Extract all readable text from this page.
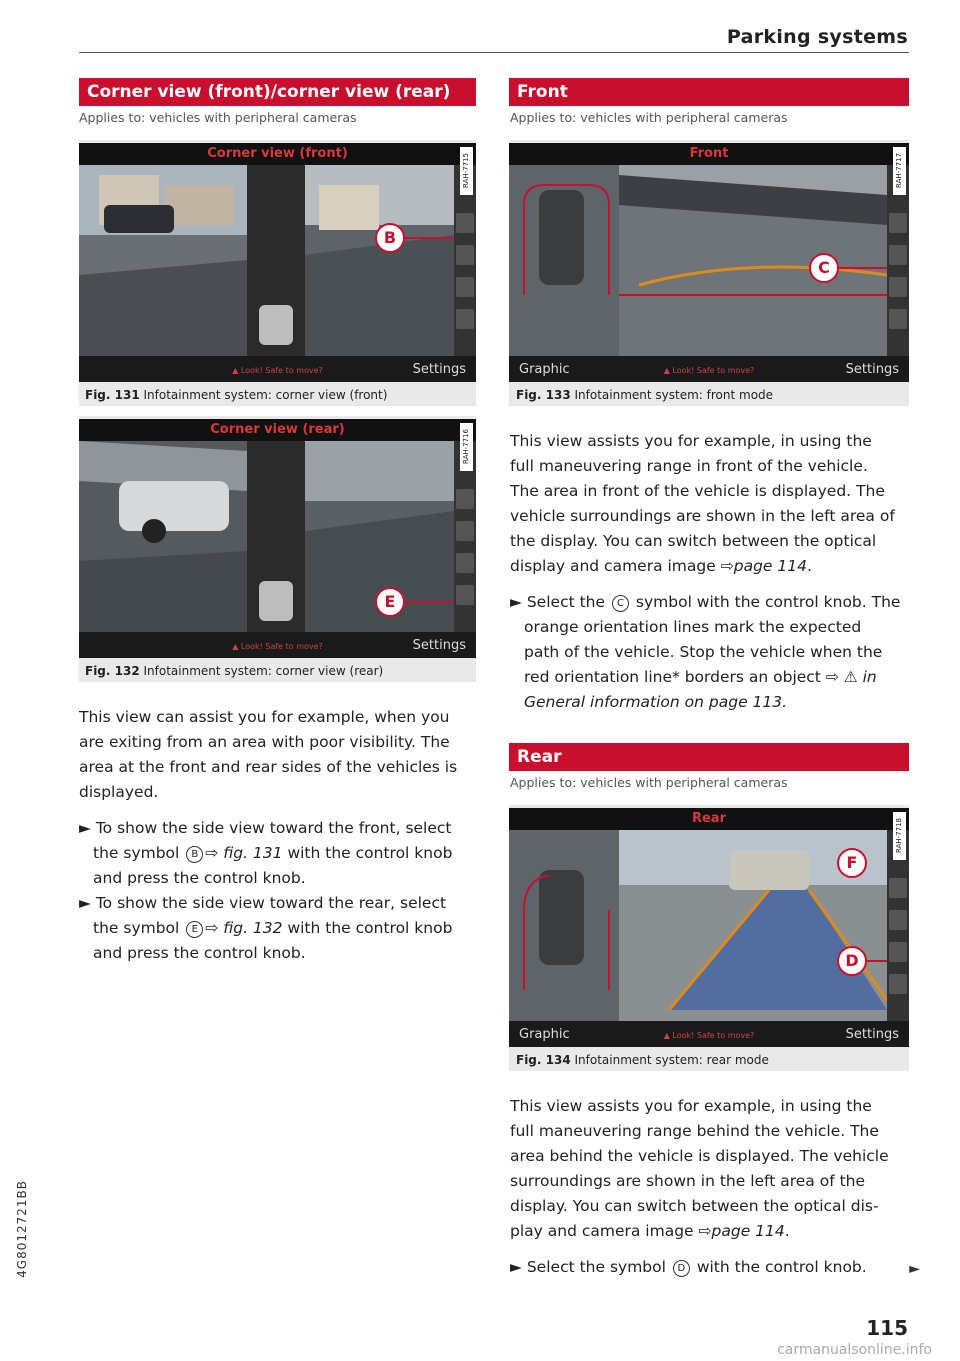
Parking systems
Corner view (front)/corner view (rear)
Applies to: vehicles with peripheral cameras
Corner view (front)
RAH-7715
B
▲ Look! Safe to move?	Settings
Fig. 131 Infotainment system: corner view (front)
Corner view (rear)
RAH-7716
E
▲ Look! Safe to move?	Settings
Fig. 132 Infotainment system: corner view (rear)
This view can assist you for example, when you
are exiting from an area with poor visibility. The
area at the front and rear sides of the vehicles is
displayed.
► To show the side view toward the front, select
the symbol B ⇨ fig. 131 with the control knob
and press the control knob.
► To show the side view toward the rear, select
the symbol E ⇨ fig. 132 with the control knob
and press the control knob.
Front
Applies to: vehicles with peripheral cameras
Front
RAH-7717
C
Graphic	▲ Look! Safe to move?	Settings
Fig. 133 Infotainment system: front mode
This view assists you for example, in using the
full maneuvering range in front of the vehicle.
The area in front of the vehicle is displayed. The
vehicle surroundings are shown in the left area of
the display. You can switch between the optical
display and camera image ⇨page 114.
► Select the C symbol with the control knob. The
orange orientation lines mark the expected
path of the vehicle. Stop the vehicle when the
red orientation line* borders an object ⇨ ⚠ in
General information on page 113.
Rear
Applies to: vehicles with peripheral cameras
Rear
RAH-7718
F
D
Graphic	▲ Look! Safe to move?	Settings
Fig. 134 Infotainment system: rear mode
This view assists you for example, in using the
full maneuvering range behind the vehicle. The
area behind the vehicle is displayed. The vehicle
surroundings are shown in the left area of the
display. You can switch between the optical dis-
play and camera image ⇨page 114.
► Select the symbol D with the control knob.	►
4G8012721BB
115
carmanualsonline.info
